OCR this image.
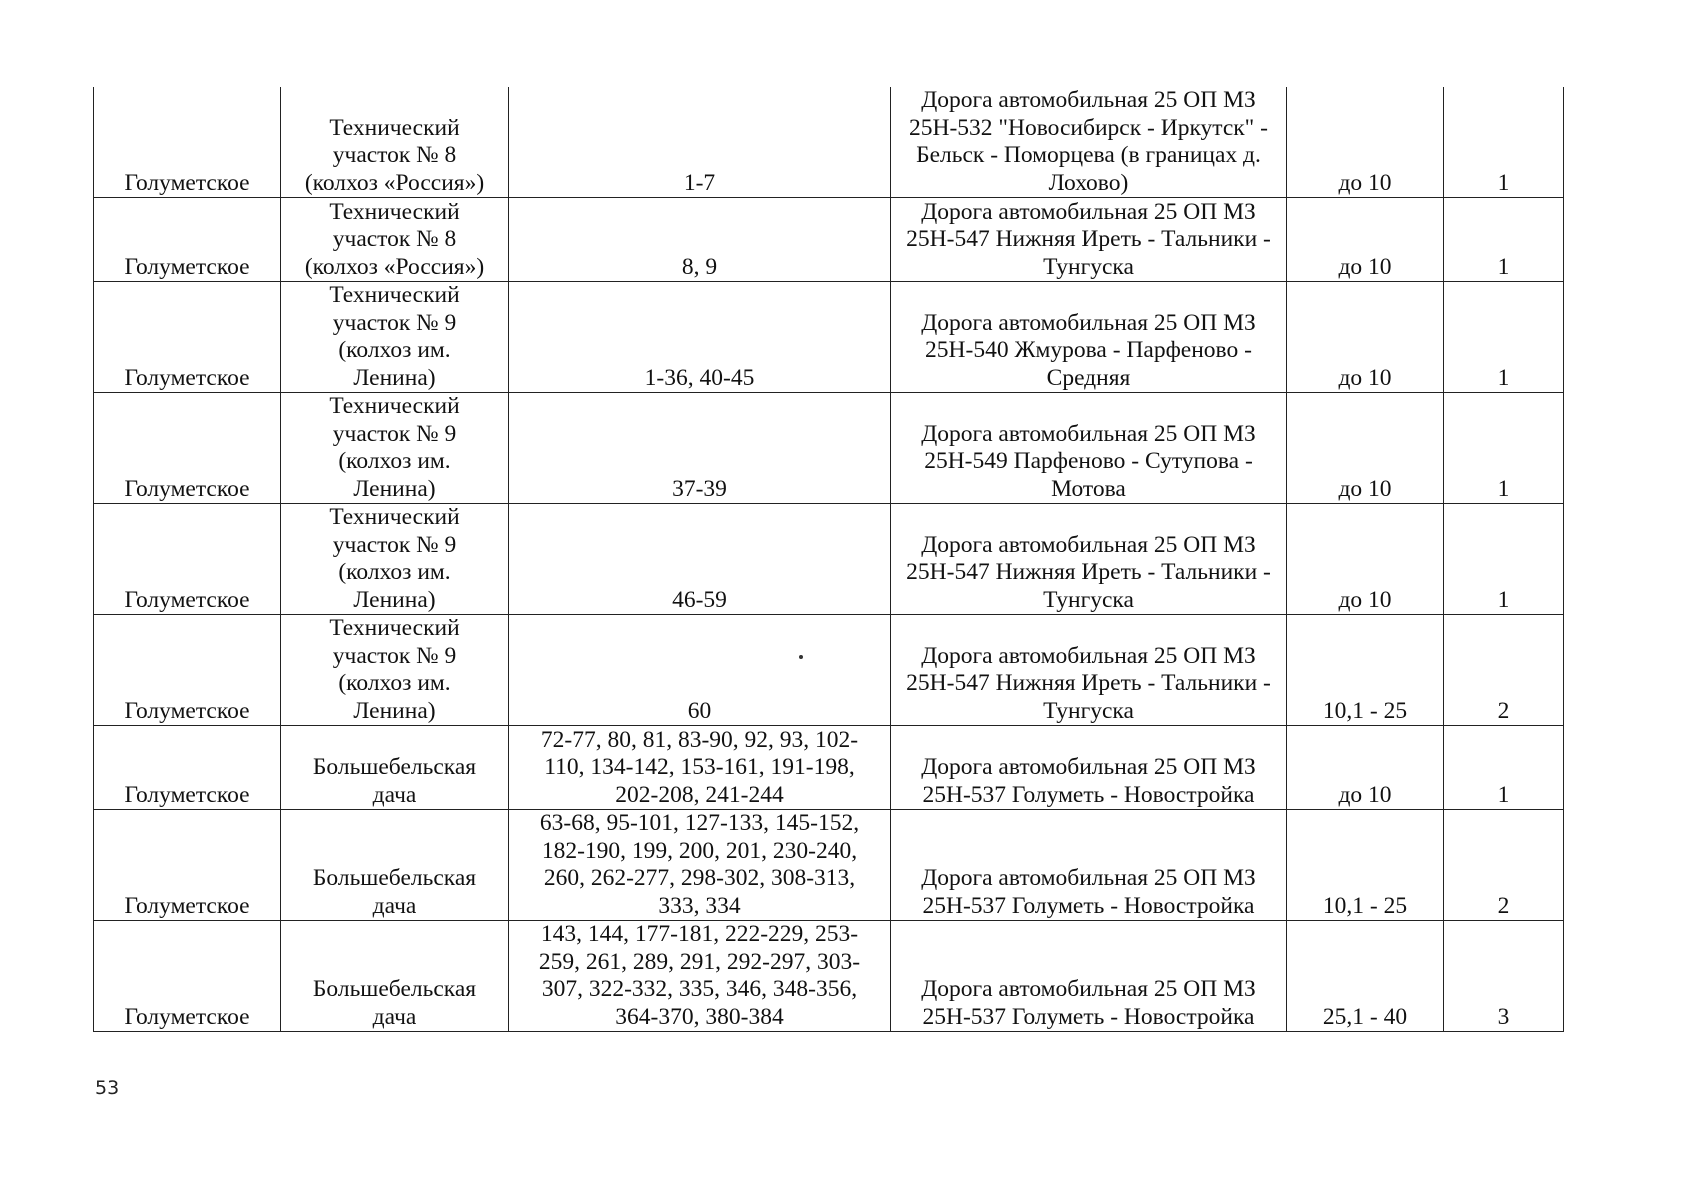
Голуметское	Технический
участок № 8
(колхоз «Россия»)	1-7	Дорога автомобильная 25 ОП МЗ
25Н-532 "Новосибирск - Иркутск" -
Бельск - Поморцева (в границах д.
Лохово)	до 10	1
Голуметское	Технический
участок № 8
(колхоз «Россия»)	8, 9	Дорога автомобильная 25 ОП МЗ
25Н-547 Нижняя Иреть - Тальники -
Тунгуска	до 10	1
Голуметское	Технический
участок № 9
(колхоз им.
Ленина)	1-36, 40-45	Дорога автомобильная 25 ОП МЗ
25Н-540 Жмурова - Парфеново -
Средняя	до 10	1
Голуметское	Технический
участок № 9
(колхоз им.
Ленина)	37-39	Дорога автомобильная 25 ОП МЗ
25Н-549 Парфеново - Сутупова -
Мотова	до 10	1
Голуметское	Технический
участок № 9
(колхоз им.
Ленина)	46-59	Дорога автомобильная 25 ОП МЗ
25Н-547 Нижняя Иреть - Тальники -
Тунгуска	до 10	1
Голуметское	Технический
участок № 9
(колхоз им.
Ленина)	60	Дорога автомобильная 25 ОП МЗ
25Н-547 Нижняя Иреть - Тальники -
Тунгуска	10,1 - 25	2
Голуметское	Большебельская
дача	72-77, 80, 81, 83-90, 92, 93, 102-
110, 134-142, 153-161, 191-198,
202-208, 241-244	Дорога автомобильная 25 ОП МЗ
25Н-537 Голуметь - Новостройка	до 10	1
Голуметское	Большебельская
дача	63-68, 95-101, 127-133, 145-152,
182-190, 199, 200, 201, 230-240,
260, 262-277, 298-302, 308-313,
333, 334	Дорога автомобильная 25 ОП МЗ
25Н-537 Голуметь - Новостройка	10,1 - 25	2
Голуметское	Большебельская
дача	143, 144, 177-181, 222-229, 253-
259, 261, 289, 291, 292-297, 303-
307, 322-332, 335, 346, 348-356,
364-370, 380-384	Дорога автомобильная 25 ОП МЗ
25Н-537 Голуметь - Новостройка	25,1 - 40	3
53
